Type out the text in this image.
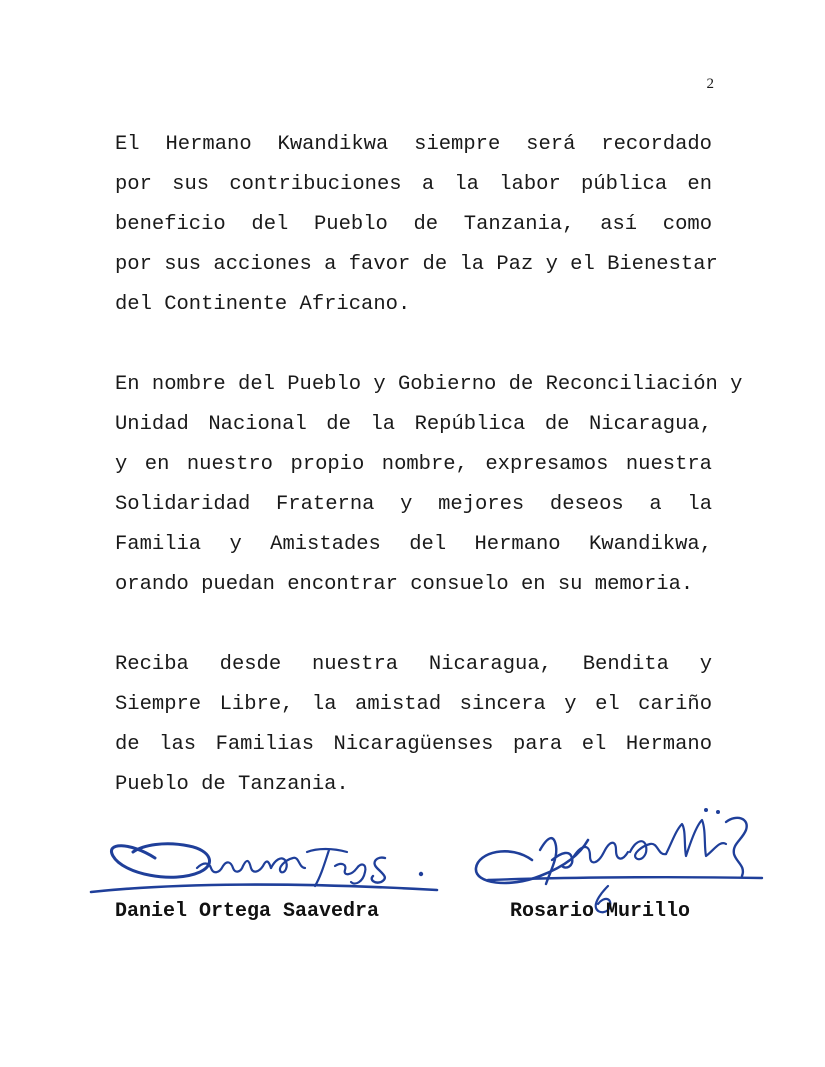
2
El Hermano Kwandikwa siempre será recordado
por sus contribuciones a la labor pública en
beneficio del Pueblo de Tanzania, así como
por sus acciones a favor de la Paz y el Bienestar
del Continente Africano.
En nombre del Pueblo y Gobierno de Reconciliación y
Unidad Nacional de la República de Nicaragua,
y en nuestro propio nombre, expresamos nuestra
Solidaridad Fraterna y mejores deseos a la
Familia y Amistades del Hermano Kwandikwa,
orando puedan encontrar consuelo en su memoria.
Reciba desde nuestra Nicaragua, Bendita y
Siempre Libre, la amistad sincera y el cariño
de las Familias Nicaragüenses para el Hermano
Pueblo de Tanzania.
Daniel Ortega Saavedra	Rosario Murillo
